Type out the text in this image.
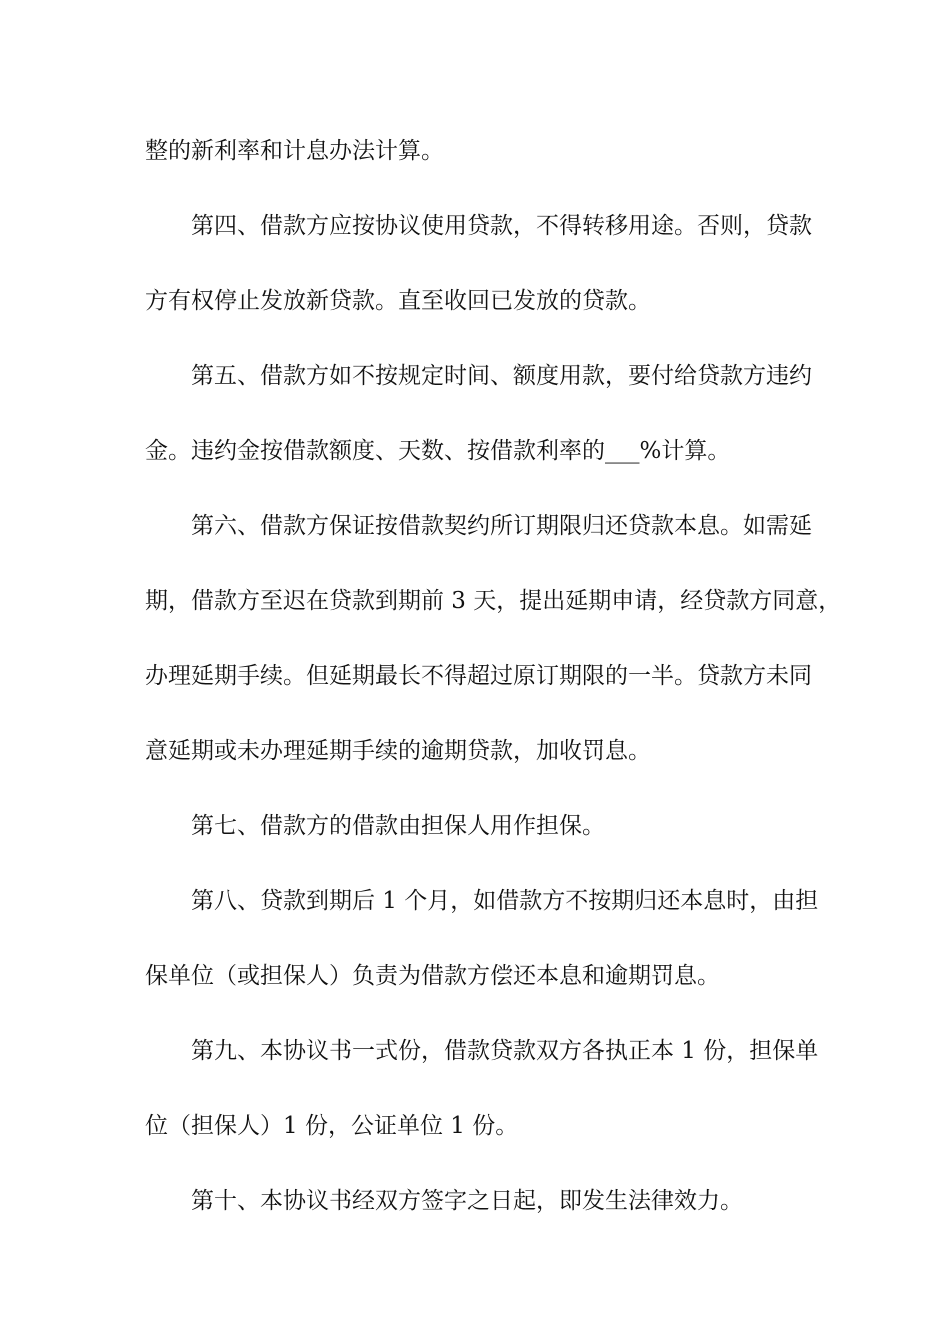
整的新利率和计息办法计算。

第四、借款方应按协议使用贷款，不得转移用途。否则，贷款

方有权停止发放新贷款。直至收回已发放的贷款。

第五、借款方如不按规定时间、额度用款，要付给贷款方违约

金。违约金按借款额度、天数、按借款利率的___%计算。

第六、借款方保证按借款契约所订期限归还贷款本息。如需延

期，借款方至迟在贷款到期前 3 天，提出延期申请，经贷款方同意，

办理延期手续。但延期最长不得超过原订期限的一半。贷款方未同

意延期或未办理延期手续的逾期贷款，加收罚息。

第七、借款方的借款由担保人用作担保。

第八、贷款到期后 1 个月，如借款方不按期归还本息时，由担

保单位（或担保人）负责为借款方偿还本息和逾期罚息。

第九、本协议书一式份，借款贷款双方各执正本 1 份，担保单

位（担保人）1 份，公证单位 1 份。

第十、本协议书经双方签字之日起，即发生法律效力。
